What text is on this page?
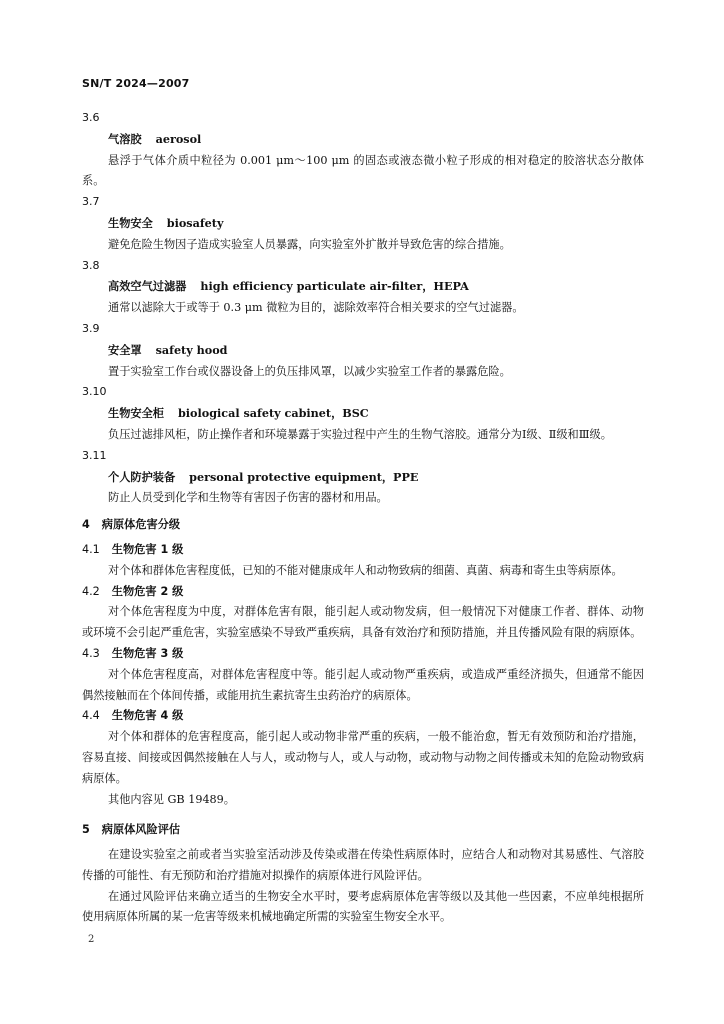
SN/T 2024—2007
3.6
气溶胶 aerosol
悬浮于气体介质中粒径为 0.001 μm～100 μm 的固态或液态微小粒子形成的相对稳定的胶溶状态分散体系。
3.7
生物安全 biosafety
避免危险生物因子造成实验室人员暴露，向实验室外扩散并导致危害的综合措施。
3.8
高效空气过滤器 high efficiency particulate air-filter，HEPA
通常以滤除大于或等于 0.3 μm 微粒为目的，滤除效率符合相关要求的空气过滤器。
3.9
安全罩 safety hood
置于实验室工作台或仪器设备上的负压排风罩，以减少实验室工作者的暴露危险。
3.10
生物安全柜 biological safety cabinet，BSC
负压过滤排风柜，防止操作者和环境暴露于实验过程中产生的生物气溶胶。通常分为Ⅰ级、Ⅱ级和Ⅲ级。
3.11
个人防护装备 personal protective equipment，PPE
防止人员受到化学和生物等有害因子伤害的器材和用品。
4 病原体危害分级
4.1 生物危害 1 级
对个体和群体危害程度低，已知的不能对健康成年人和动物致病的细菌、真菌、病毒和寄生虫等病原体。
4.2 生物危害 2 级
对个体危害程度为中度，对群体危害有限，能引起人或动物发病，但一般情况下对健康工作者、群体、动物或环境不会引起严重危害，实验室感染不导致严重疾病，具备有效治疗和预防措施，并且传播风险有限的病原体。
4.3 生物危害 3 级
对个体危害程度高，对群体危害程度中等。能引起人或动物严重疾病，或造成严重经济损失，但通常不能因偶然接触而在个体间传播，或能用抗生素抗寄生虫药治疗的病原体。
4.4 生物危害 4 级
对个体和群体的危害程度高，能引起人或动物非常严重的疾病，一般不能治愈，暂无有效预防和治疗措施，容易直接、间接或因偶然接触在人与人，或动物与人，或人与动物，或动物与动物之间传播或未知的危险动物致病病原体。
其他内容见 GB 19489。
5 病原体风险评估
在建设实验室之前或者当实验室活动涉及传染或潜在传染性病原体时，应结合人和动物对其易感性、气溶胶传播的可能性、有无预防和治疗措施对拟操作的病原体进行风险评估。
在通过风险评估来确立适当的生物安全水平时，要考虑病原体危害等级以及其他一些因素，不应单纯根据所使用病原体所属的某一危害等级来机械地确定所需的实验室生物安全水平。
2
